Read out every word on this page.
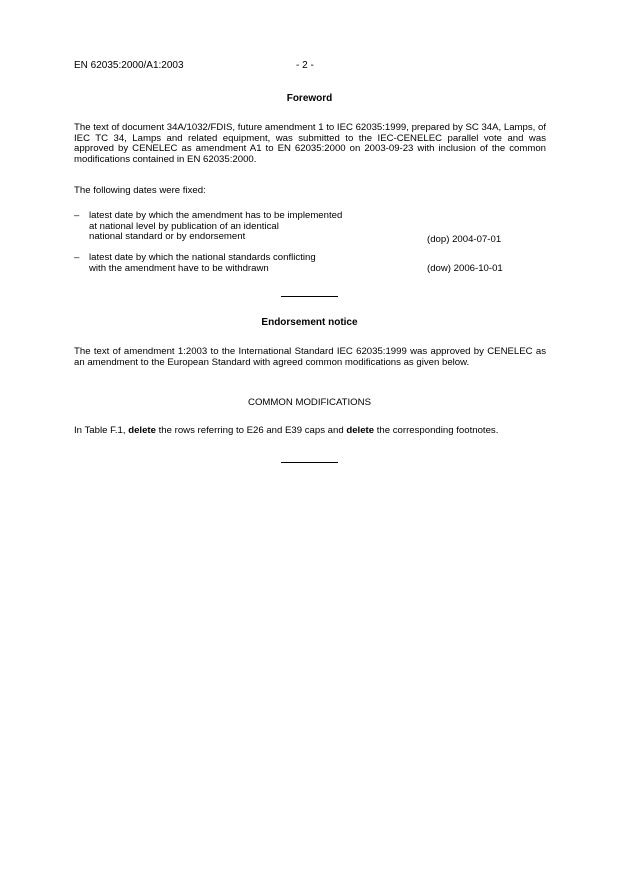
EN 62035:2000/A1:2003	- 2 -
Foreword
The text of document 34A/1032/FDIS, future amendment 1 to IEC 62035:1999, prepared by SC 34A, Lamps, of IEC TC 34, Lamps and related equipment, was submitted to the IEC-CENELEC parallel vote and was approved by CENELEC as amendment A1 to EN 62035:2000 on 2003-09-23 with inclusion of the common modifications contained in EN 62035:2000.
The following dates were fixed:
– latest date by which the amendment has to be implemented
at national level by publication of an identical
national standard or by endorsement	(dop) 2004-07-01
– latest date by which the national standards conflicting
with the amendment have to be withdrawn	(dow) 2006-10-01
Endorsement notice
The text of amendment 1:2003 to the International Standard IEC 62035:1999 was approved by CENELEC as an amendment to the European Standard with agreed common modifications as given below.
COMMON MODIFICATIONS
In Table F.1, delete the rows referring to E26 and E39 caps and delete the corresponding footnotes.
